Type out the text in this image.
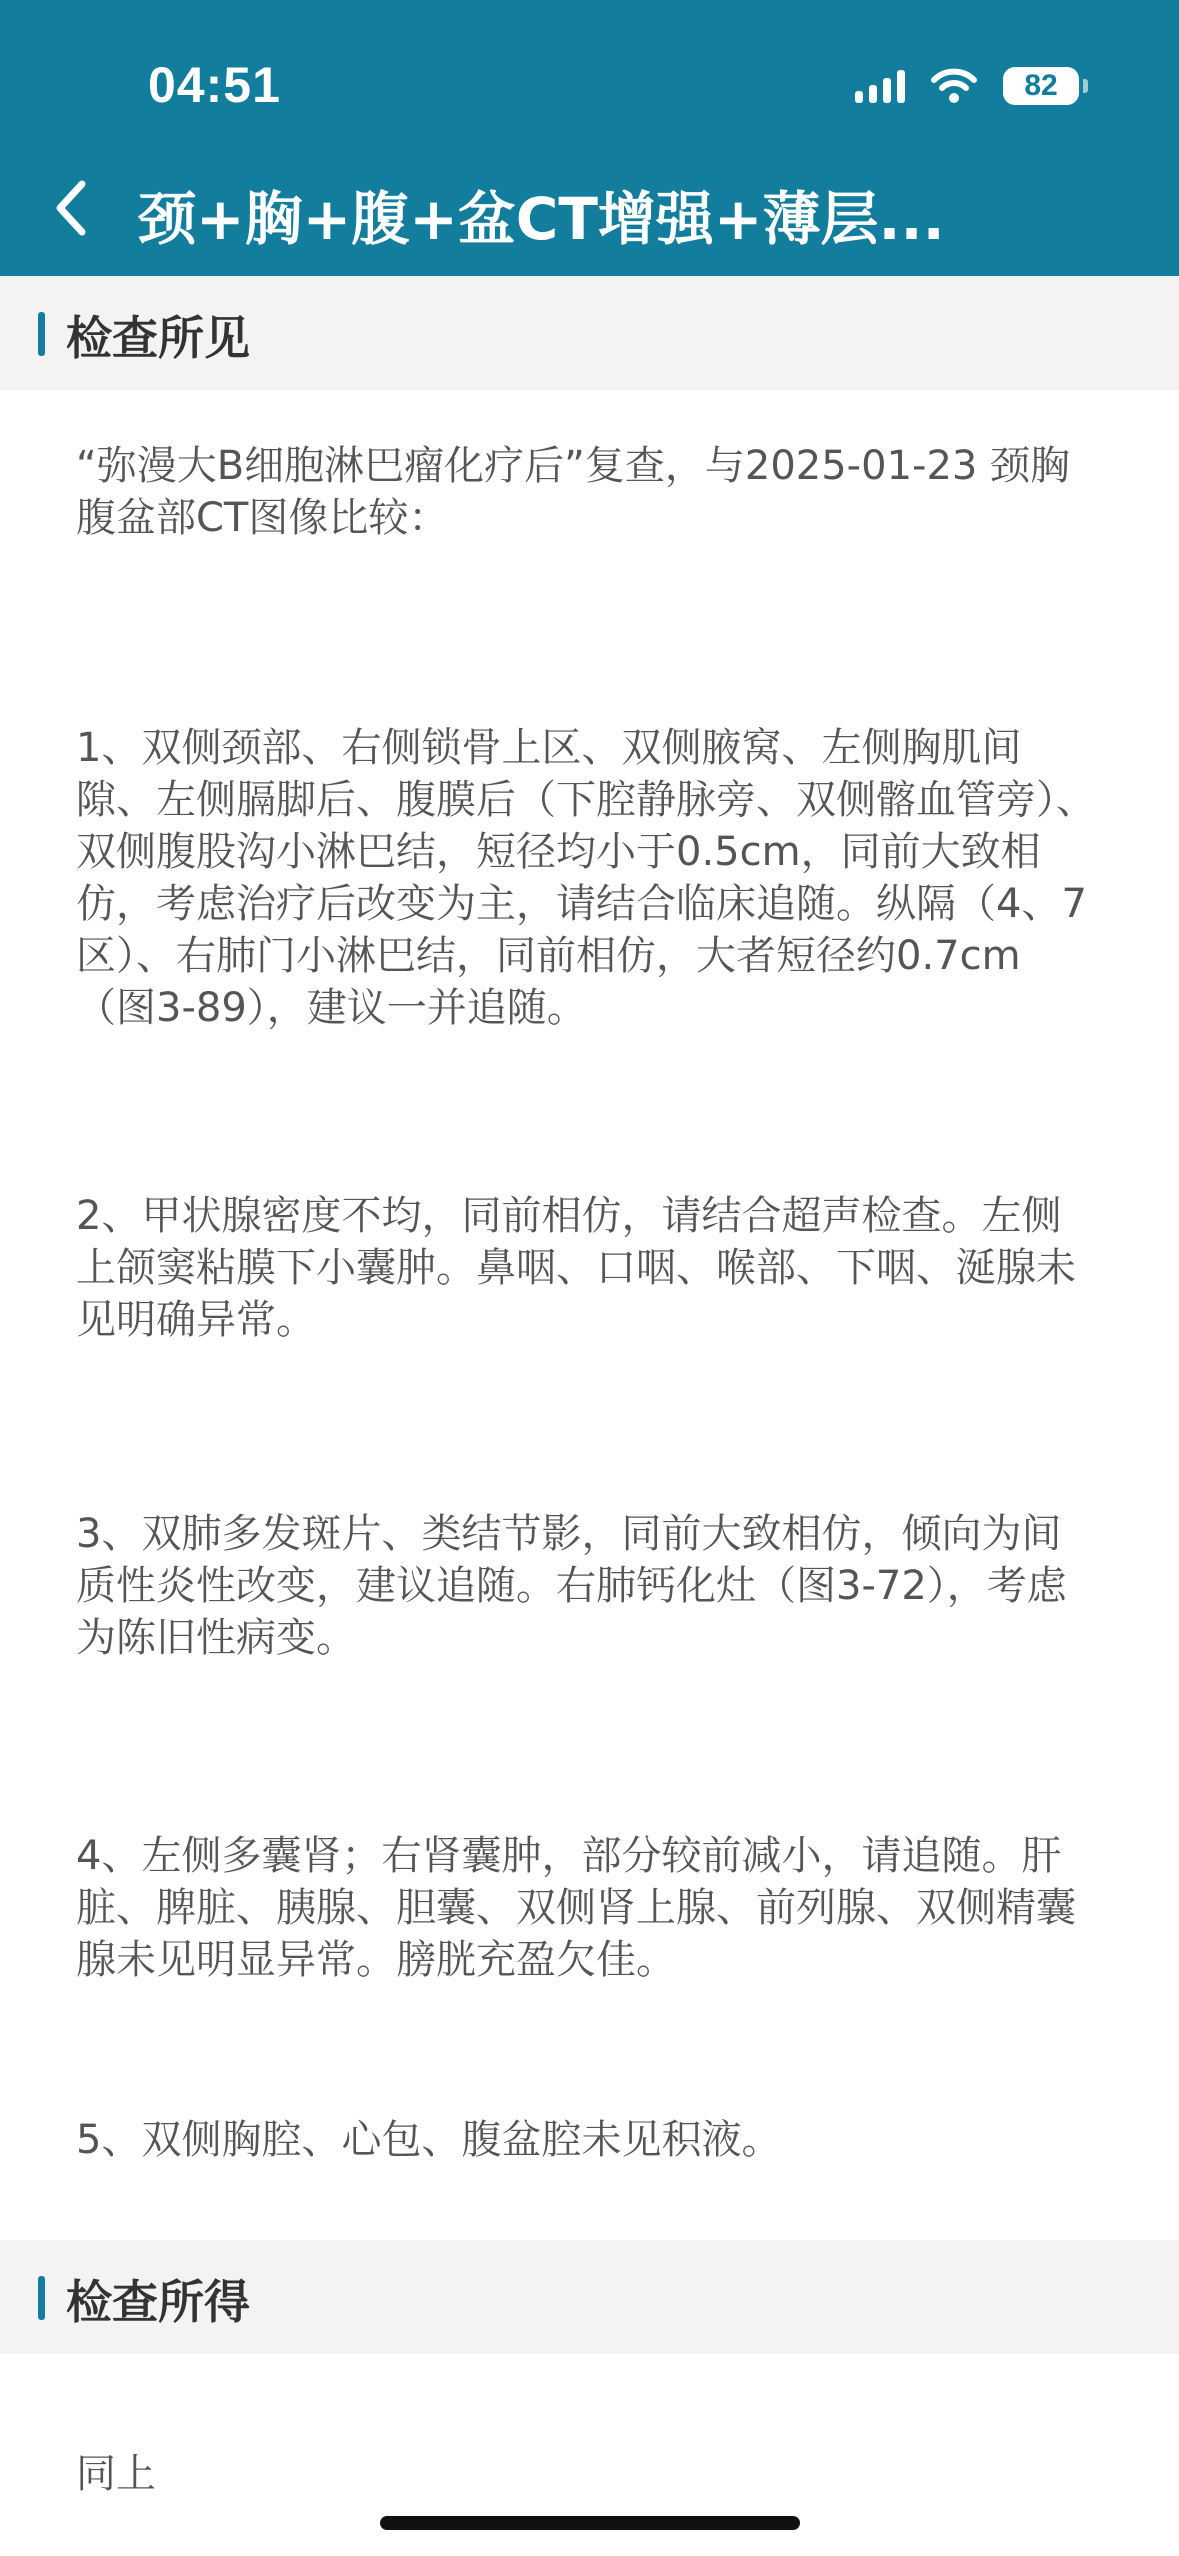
04:51	82
颈+胸+腹+盆CT增强+薄层...
检查所见

“弥漫大B细胞淋巴瘤化疗后”复查，与2025-01-23 颈胸腹盆部CT图像比较：

1、双侧颈部、右侧锁骨上区、双侧腋窝、左侧胸肌间隙、左侧膈脚后、腹膜后（下腔静脉旁、双侧髂血管旁）、双侧腹股沟小淋巴结，短径均小于0.5cm，同前大致相仿，考虑治疗后改变为主，请结合临床追随。纵隔（4、7区）、右肺门小淋巴结，同前相仿，大者短径约0.7cm（图3-89），建议一并追随。

2、甲状腺密度不均，同前相仿，请结合超声检查。左侧上颌窦粘膜下小囊肿。鼻咽、口咽、喉部、下咽、涎腺未见明确异常。

3、双肺多发斑片、类结节影，同前大致相仿，倾向为间质性炎性改变，建议追随。右肺钙化灶（图3-72），考虑为陈旧性病变。

4、左侧多囊肾；右肾囊肿，部分较前减小，请追随。肝脏、脾脏、胰腺、胆囊、双侧肾上腺、前列腺、双侧精囊腺未见明显异常。膀胱充盈欠佳。

5、双侧胸腔、心包、腹盆腔未见积液。

检查所得
同上
